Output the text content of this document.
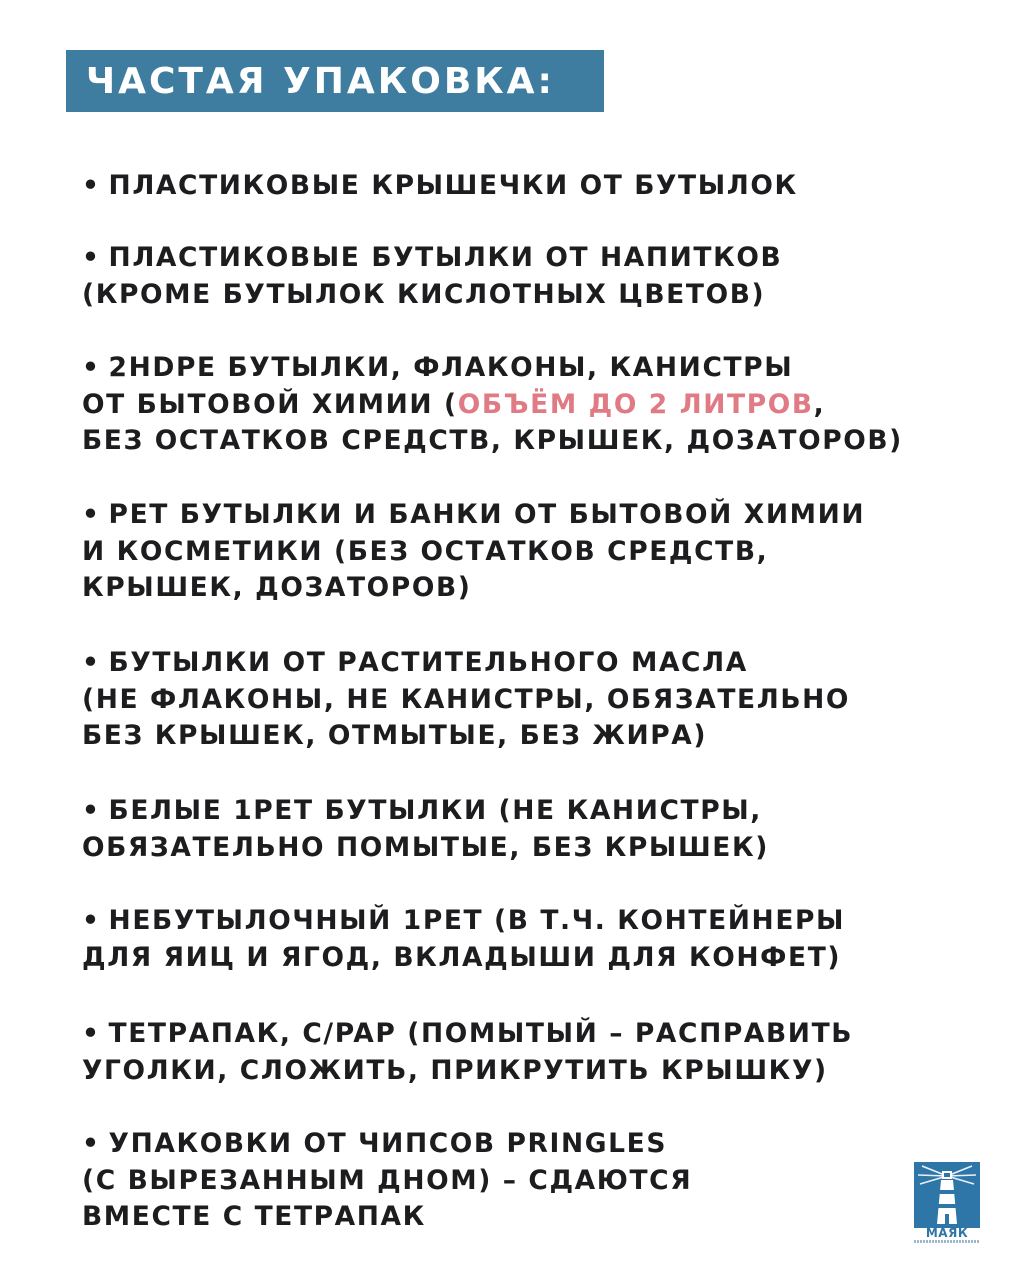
ЧАСТАЯ УПАКОВКА:
• ПЛАСТИКОВЫЕ КРЫШЕЧКИ ОТ БУТЫЛОК
• ПЛАСТИКОВЫЕ БУТЫЛКИ ОТ НАПИТКОВ
(КРОМЕ БУТЫЛОК КИСЛОТНЫХ ЦВЕТОВ)
• 2HDPE БУТЫЛКИ, ФЛАКОНЫ, КАНИСТРЫ
ОТ БЫТОВОЙ ХИМИИ (ОБЪЁМ ДО 2 ЛИТРОВ,
БЕЗ ОСТАТКОВ СРЕДСТВ, КРЫШЕК, ДОЗАТОРОВ)
• PET БУТЫЛКИ И БАНКИ ОТ БЫТОВОЙ ХИМИИ
И КОСМЕТИКИ (БЕЗ ОСТАТКОВ СРЕДСТВ,
КРЫШЕК, ДОЗАТОРОВ)
• БУТЫЛКИ ОТ РАСТИТЕЛЬНОГО МАСЛА
(НЕ ФЛАКОНЫ, НЕ КАНИСТРЫ, ОБЯЗАТЕЛЬНО
БЕЗ КРЫШЕК, ОТМЫТЫЕ, БЕЗ ЖИРА)
• БЕЛЫЕ 1PET БУТЫЛКИ (НЕ КАНИСТРЫ,
ОБЯЗАТЕЛЬНО ПОМЫТЫЕ, БЕЗ КРЫШЕК)
• НЕБУТЫЛОЧНЫЙ 1PET (В Т.Ч. КОНТЕЙНЕРЫ
ДЛЯ ЯИЦ И ЯГОД, ВКЛАДЫШИ ДЛЯ КОНФЕТ)
• ТЕТРАПАК, C/PAP (ПОМЫТЫЙ – РАСПРАВИТЬ
УГОЛКИ, СЛОЖИТЬ, ПРИКРУТИТЬ КРЫШКУ)
• УПАКОВКИ ОТ ЧИПСОВ PRINGLES
(С ВЫРЕЗАННЫМ ДНОМ) – СДАЮТСЯ
ВМЕСТЕ С ТЕТРАПАК
МАЯК
